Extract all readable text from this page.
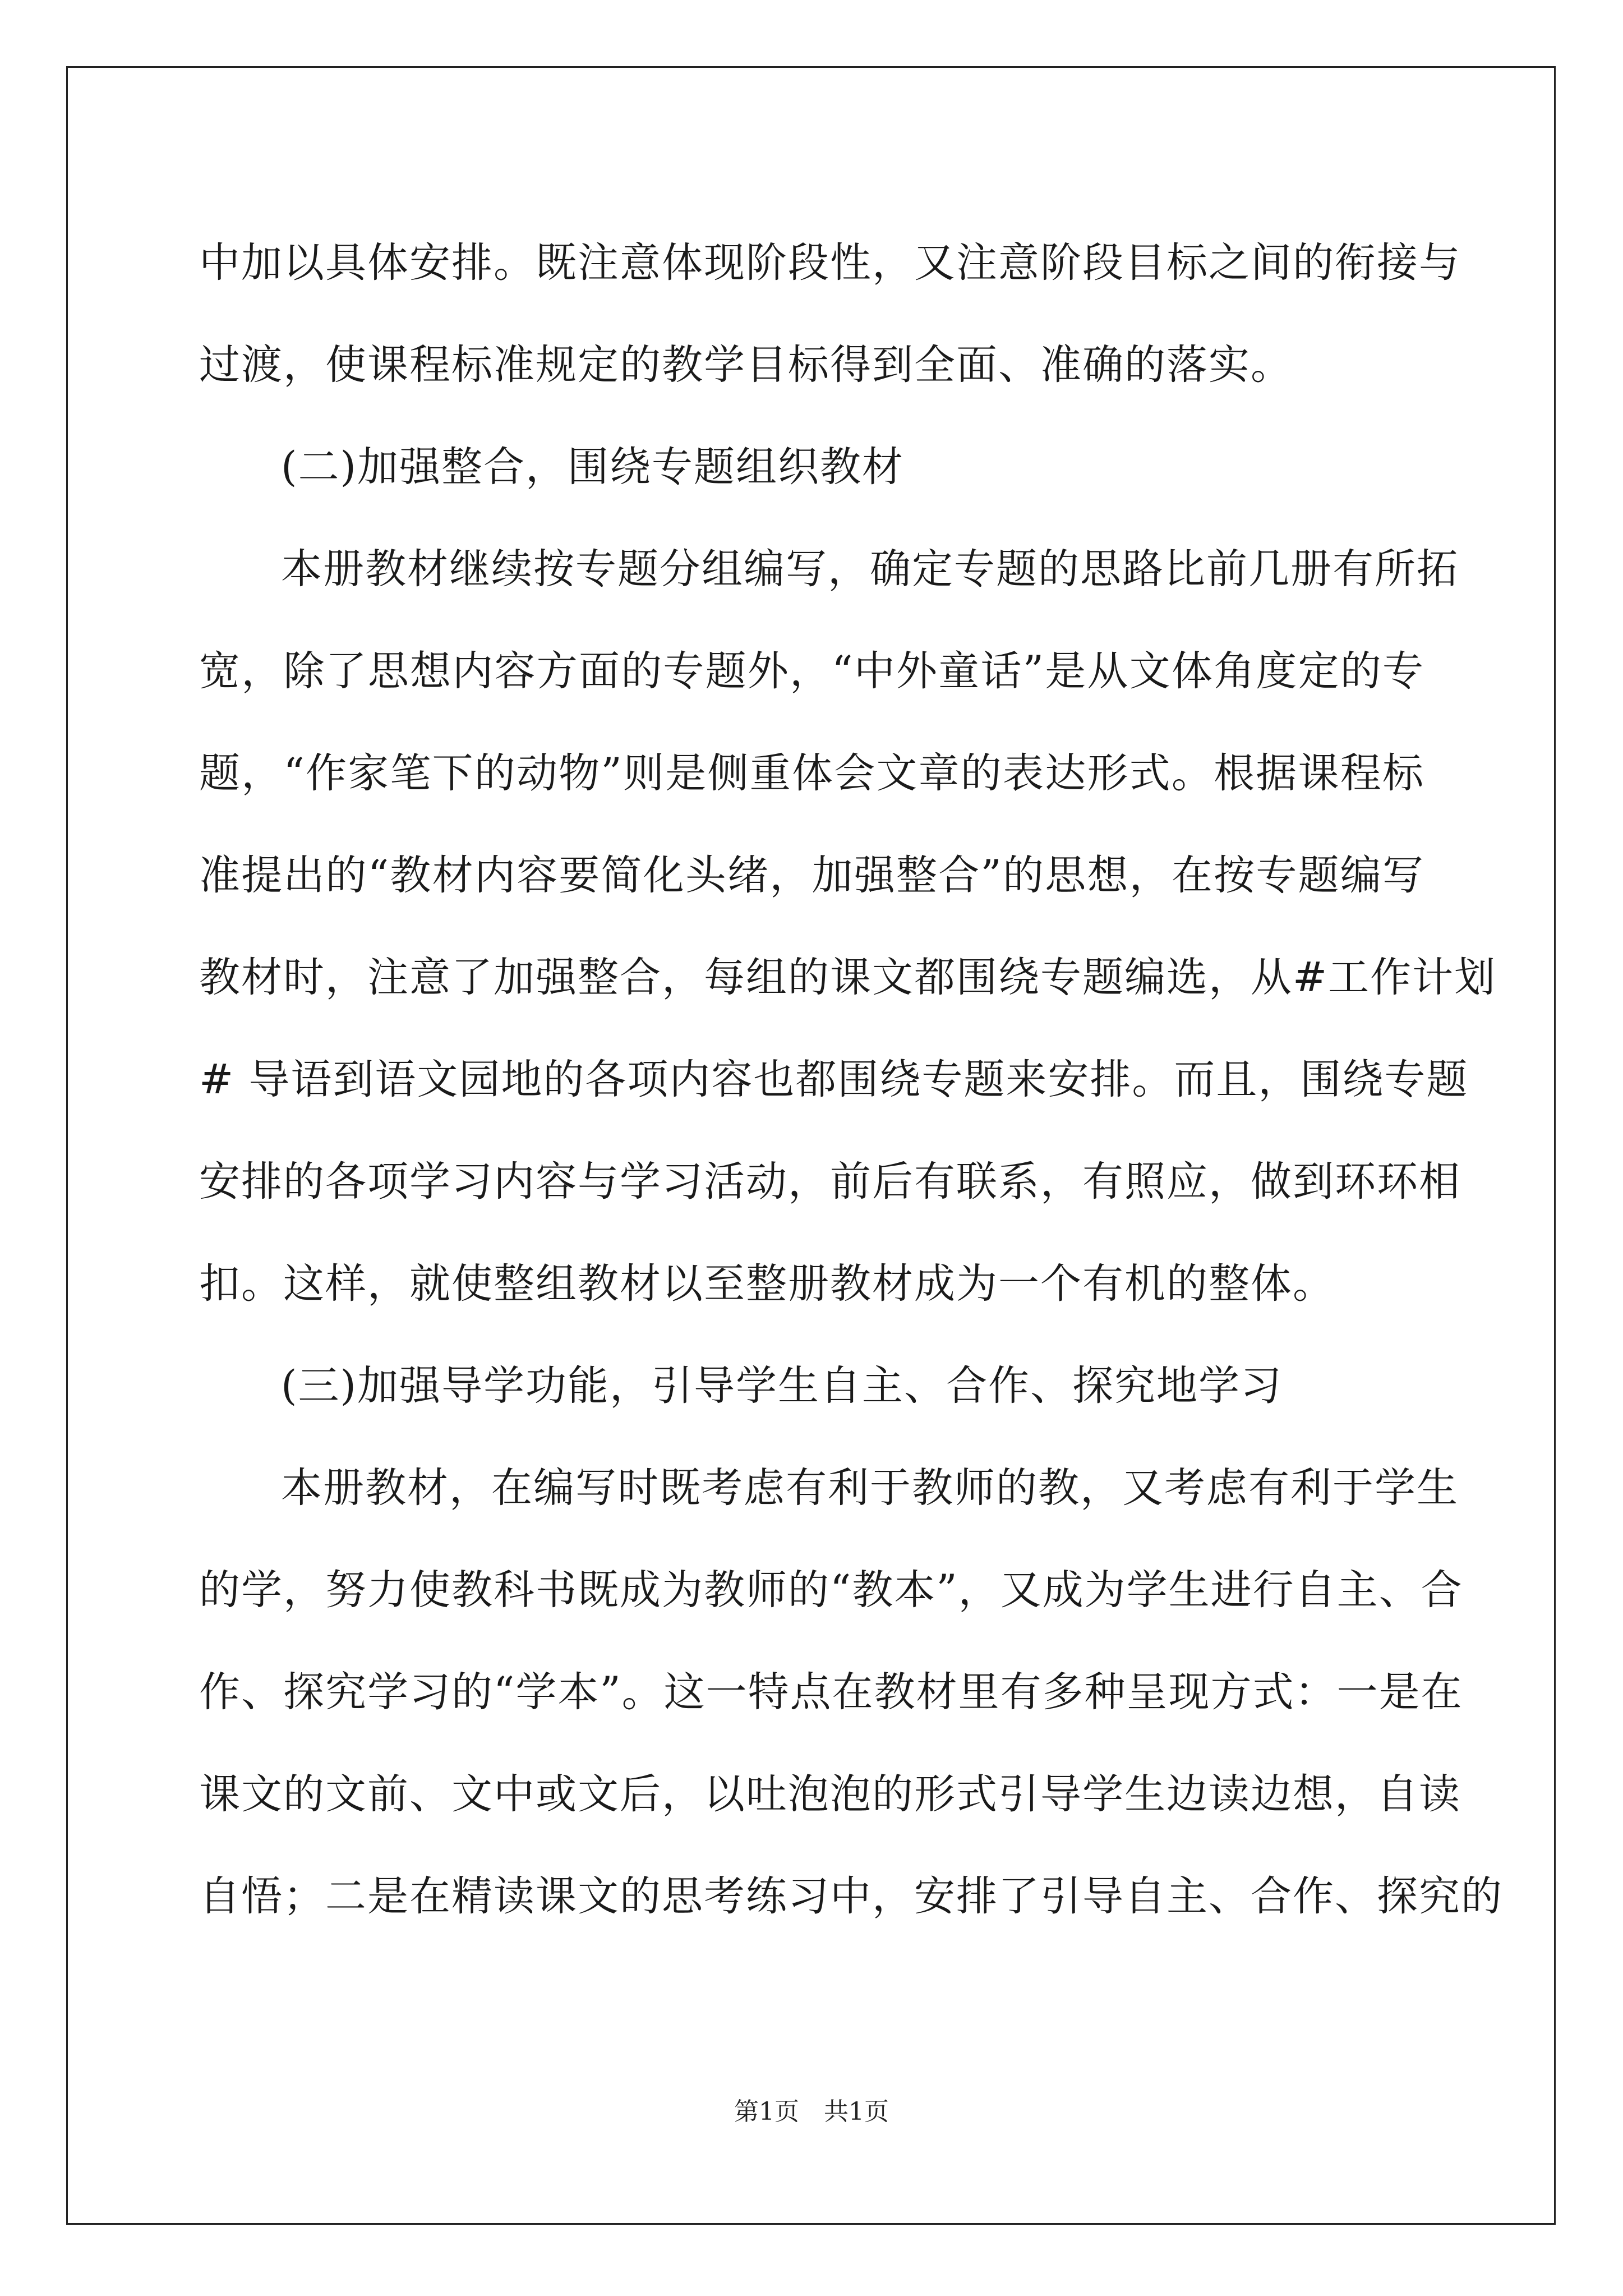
中加以具体安排。既注意体现阶段性，又注意阶段目标之间的衔接与
过渡，使课程标准规定的教学目标得到全面、准确的落实。
(二)加强整合，围绕专题组织教材
本册教材继续按专题分组编写，确定专题的思路比前几册有所拓
宽，除了思想内容方面的专题外，“中外童话”是从文体角度定的专
题，“作家笔下的动物”则是侧重体会文章的表达形式。根据课程标
准提出的“教材内容要简化头绪，加强整合”的思想，在按专题编写
教材时，注意了加强整合，每组的课文都围绕专题编选，从#工作计划
# 导语到语文园地的各项内容也都围绕专题来安排。而且，围绕专题
安排的各项学习内容与学习活动，前后有联系，有照应，做到环环相
扣。这样，就使整组教材以至整册教材成为一个有机的整体。
(三)加强导学功能，引导学生自主、合作、探究地学习
本册教材，在编写时既考虑有利于教师的教，又考虑有利于学生
的学，努力使教科书既成为教师的“教本”，又成为学生进行自主、合
作、探究学习的“学本”。这一特点在教材里有多种呈现方式：一是在
课文的文前、文中或文后，以吐泡泡的形式引导学生边读边想，自读
自悟；二是在精读课文的思考练习中，安排了引导自主、合作、探究的
第1页　共1页
